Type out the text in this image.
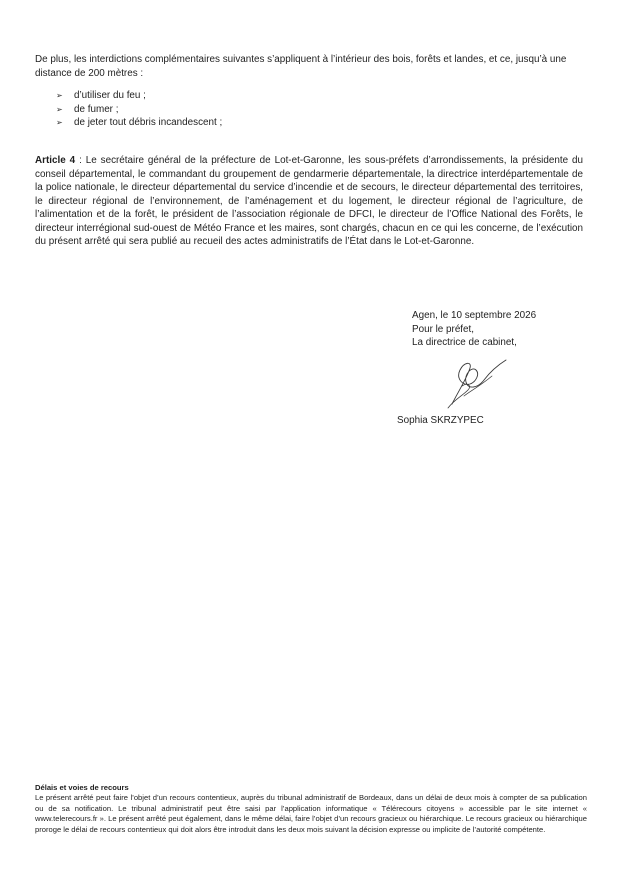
De plus, les interdictions complémentaires suivantes s’appliquent à l’intérieur des bois, forêts et landes, et ce, jusqu’à une distance de 200 mètres :

➢	d’utiliser du feu ;
➢	de fumer ;
➢	de jeter tout débris incandescent ;

Article 4 : Le secrétaire général de la préfecture de Lot-et-Garonne, les sous-préfets d’arrondissements, la présidente du conseil départemental, le commandant du groupement de gendarmerie départementale, la directrice interdépartementale de la police nationale, le directeur départemental du service d’incendie et de secours, le directeur départemental des territoires, le directeur régional de l’environnement, de l’aménagement et du logement, le directeur régional de l’agriculture, de l’alimentation et de la forêt, le président de l’association régionale de DFCI, le directeur de l’Office National des Forêts, le directeur interrégional sud-ouest de Météo France et les maires, sont chargés, chacun en ce qui les concerne, de l’exécution du présent arrêté qui sera publié au recueil des actes administratifs de l’État dans le Lot-et-Garonne.

Agen, le 10 septembre 2026
Pour le préfet,
La directrice de cabinet,
Sophia SKRZYPEC
Délais et voies de recours

Le présent arrêté peut faire l’objet d’un recours contentieux, auprès du tribunal administratif de Bordeaux, dans un délai de deux mois à compter de sa publication ou de sa notification. Le tribunal administratif peut être saisi par l’application informatique « Télérecours citoyens » accessible par le site internet « www.telerecours.fr ». Le présent arrêté peut également, dans le même délai, faire l’objet d’un recours gracieux ou hiérarchique. Le recours gracieux ou hiérarchique proroge le délai de recours contentieux qui doit alors être introduit dans les deux mois suivant la décision expresse ou implicite de l’autorité compétente.
